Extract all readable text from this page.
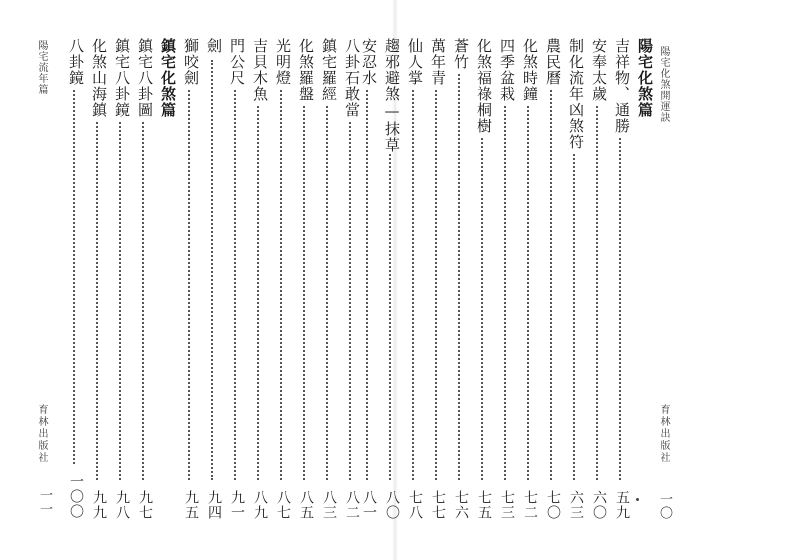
陽宅流年篇
育林出版社
一一
八卦石敢當
八二
鎮宅羅經
八三
化煞羅盤
八五
光明燈
八七
吉貝木魚
八九
門公尺
九一
劍
九四
獅咬劍
九五
鎮宅化煞篇
鎮宅八卦圖
九七
鎮宅八卦鏡
九八
化煞山海鎮
九九
八卦鏡
一〇〇
陽宅化煞開運訣
育林出版社
一〇
陽宅化煞篇
吉祥物、通勝
五九
安奉太歲
六〇
制化流年凶煞符
六三
農民曆
七〇
化煞時鐘
七二
四季盆栽
七三
化煞福祿桐樹
七五
蒼竹
七六
萬年青
七七
仙人掌
七八
趨邪避煞—抹草
八〇
安忍水
八一
